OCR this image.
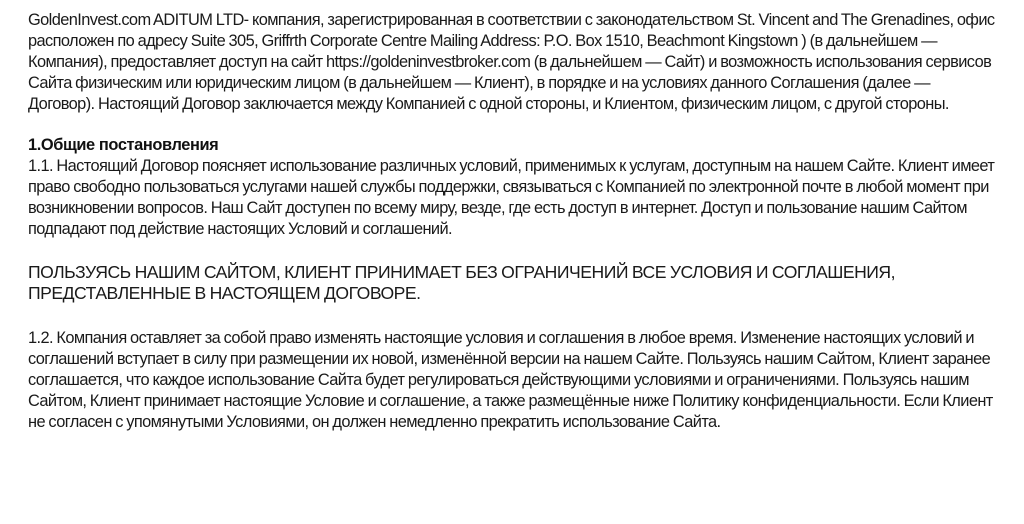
GoldenInvest.com ADITUM LTD- компания, зарегистрированная в соответствии с законодательством St. Vincent and The Grenadines, офис расположен по адресу Suite 305, Griffrth Corporate Centre Mailing Address: P.O. Box 1510, Beachmont Kingstown ) (в дальнейшем — Компания), предоставляет доступ на сайт https://goldeninvestbroker.com (в дальнейшем — Сайт) и возможность использования сервисов Сайта физическим или юридическим лицом (в дальнейшем — Клиент), в порядке и на условиях данного Соглашения (далее — Договор). Настоящий Договор заключается между Компанией с одной стороны, и Клиентом, физическим лицом, с другой стороны.

1.Общие постановления

1.1. Настоящий Договор поясняет использование различных условий, применимых к услугам, доступным на нашем Сайте. Клиент имеет право свободно пользоваться услугами нашей службы поддержки, связываться с Компанией по электронной почте в любой момент при возникновении вопросов. Наш Сайт доступен по всему миру, везде, где есть доступ в интернет. Доступ и пользование нашим Сайтом подпадают под действие настоящих Условий и соглашений.

ПОЛЬЗУЯСЬ НАШИМ САЙТОМ, КЛИЕНТ ПРИНИМАЕТ БЕЗ ОГРАНИЧЕНИЙ ВСЕ УСЛОВИЯ И СОГЛАШЕНИЯ, ПРЕДСТАВЛЕННЫЕ В НАСТОЯЩЕМ ДОГОВОРЕ.

1.2. Компания оставляет за собой право изменять настоящие условия и соглашения в любое время. Изменение настоящих условий и соглашений вступает в силу при размещении их новой, изменённой версии на нашем Сайте. Пользуясь нашим Сайтом, Клиент заранее соглашается, что каждое использование Сайта будет регулироваться действующими условиями и ограничениями. Пользуясь нашим Сайтом, Клиент принимает настоящие Условие и соглашение, а также размещённые ниже Политику конфиденциальности. Если Клиент не согласен с упомянутыми Условиями, он должен немедленно прекратить использование Сайта.
